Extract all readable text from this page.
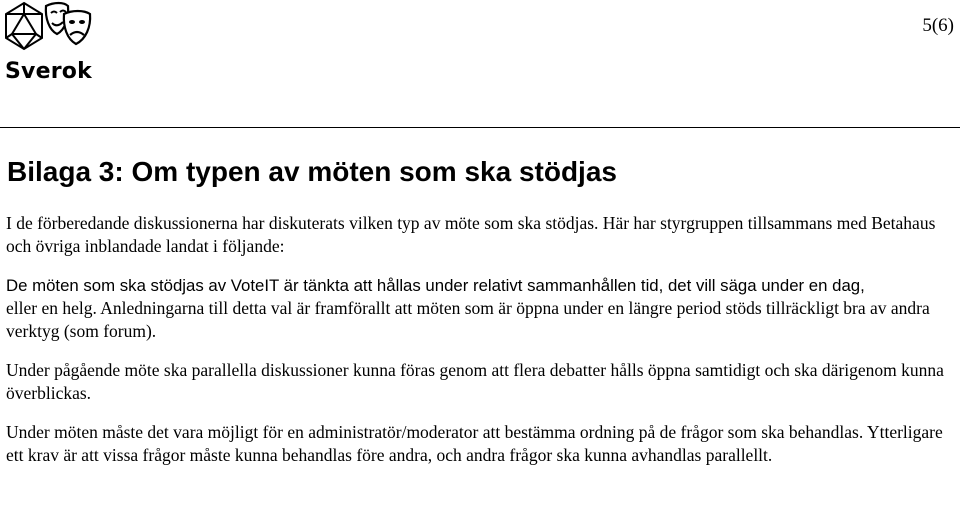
Sverok
5(6)
Bilaga 3: Om typen av möten som ska stödjas

I de förberedande diskussionerna har diskuterats vilken typ av möte som ska stödjas. Här har styrgruppen tillsammans med Betahaus och övriga inblandade landat i följande:

De möten som ska stödjas av VoteIT är tänkta att hållas under relativt sammanhållen tid, det vill säga under en dag,

eller en helg. Anledningarna till detta val är framförallt att möten som är öppna under en längre period stöds tillräckligt bra av andra verktyg (som forum).

Under pågående möte ska parallella diskussioner kunna föras genom att flera debatter hålls öppna samtidigt och ska därigenom kunna överblickas.

Under möten måste det vara möjligt för en administratör/moderator att bestämma ordning på de frågor som ska behandlas. Ytterligare ett krav är att vissa frågor måste kunna behandlas före andra, och andra frågor ska kunna avhandlas parallellt.
